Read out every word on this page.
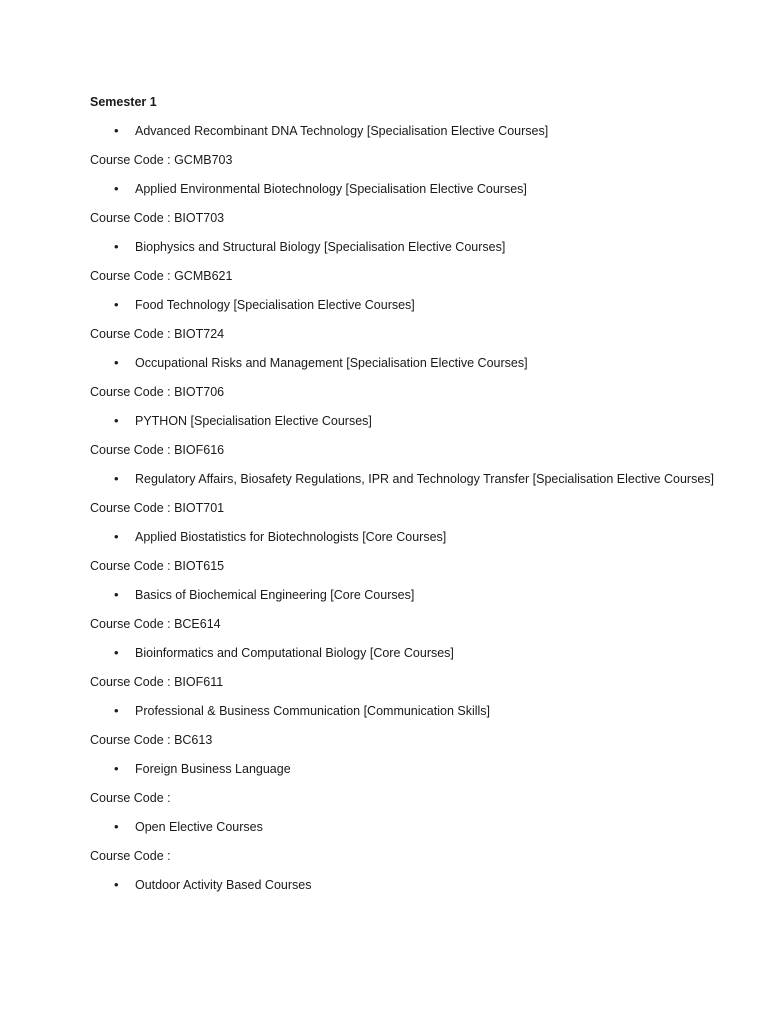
Semester 1
• Advanced Recombinant DNA Technology [Specialisation Elective Courses]
Course Code : GCMB703
• Applied Environmental Biotechnology [Specialisation Elective Courses]
Course Code : BIOT703
• Biophysics and Structural Biology [Specialisation Elective Courses]
Course Code : GCMB621
• Food Technology [Specialisation Elective Courses]
Course Code : BIOT724
• Occupational Risks and Management [Specialisation Elective Courses]
Course Code : BIOT706
• PYTHON [Specialisation Elective Courses]
Course Code : BIOF616
• Regulatory Affairs, Biosafety Regulations, IPR and Technology Transfer [Specialisation Elective Courses]
Course Code : BIOT701
• Applied Biostatistics for Biotechnologists [Core Courses]
Course Code : BIOT615
• Basics of Biochemical Engineering [Core Courses]
Course Code : BCE614
• Bioinformatics and Computational Biology [Core Courses]
Course Code : BIOF611
• Professional & Business Communication [Communication Skills]
Course Code : BC613
• Foreign Business Language
Course Code :
• Open Elective Courses
Course Code :
• Outdoor Activity Based Courses
